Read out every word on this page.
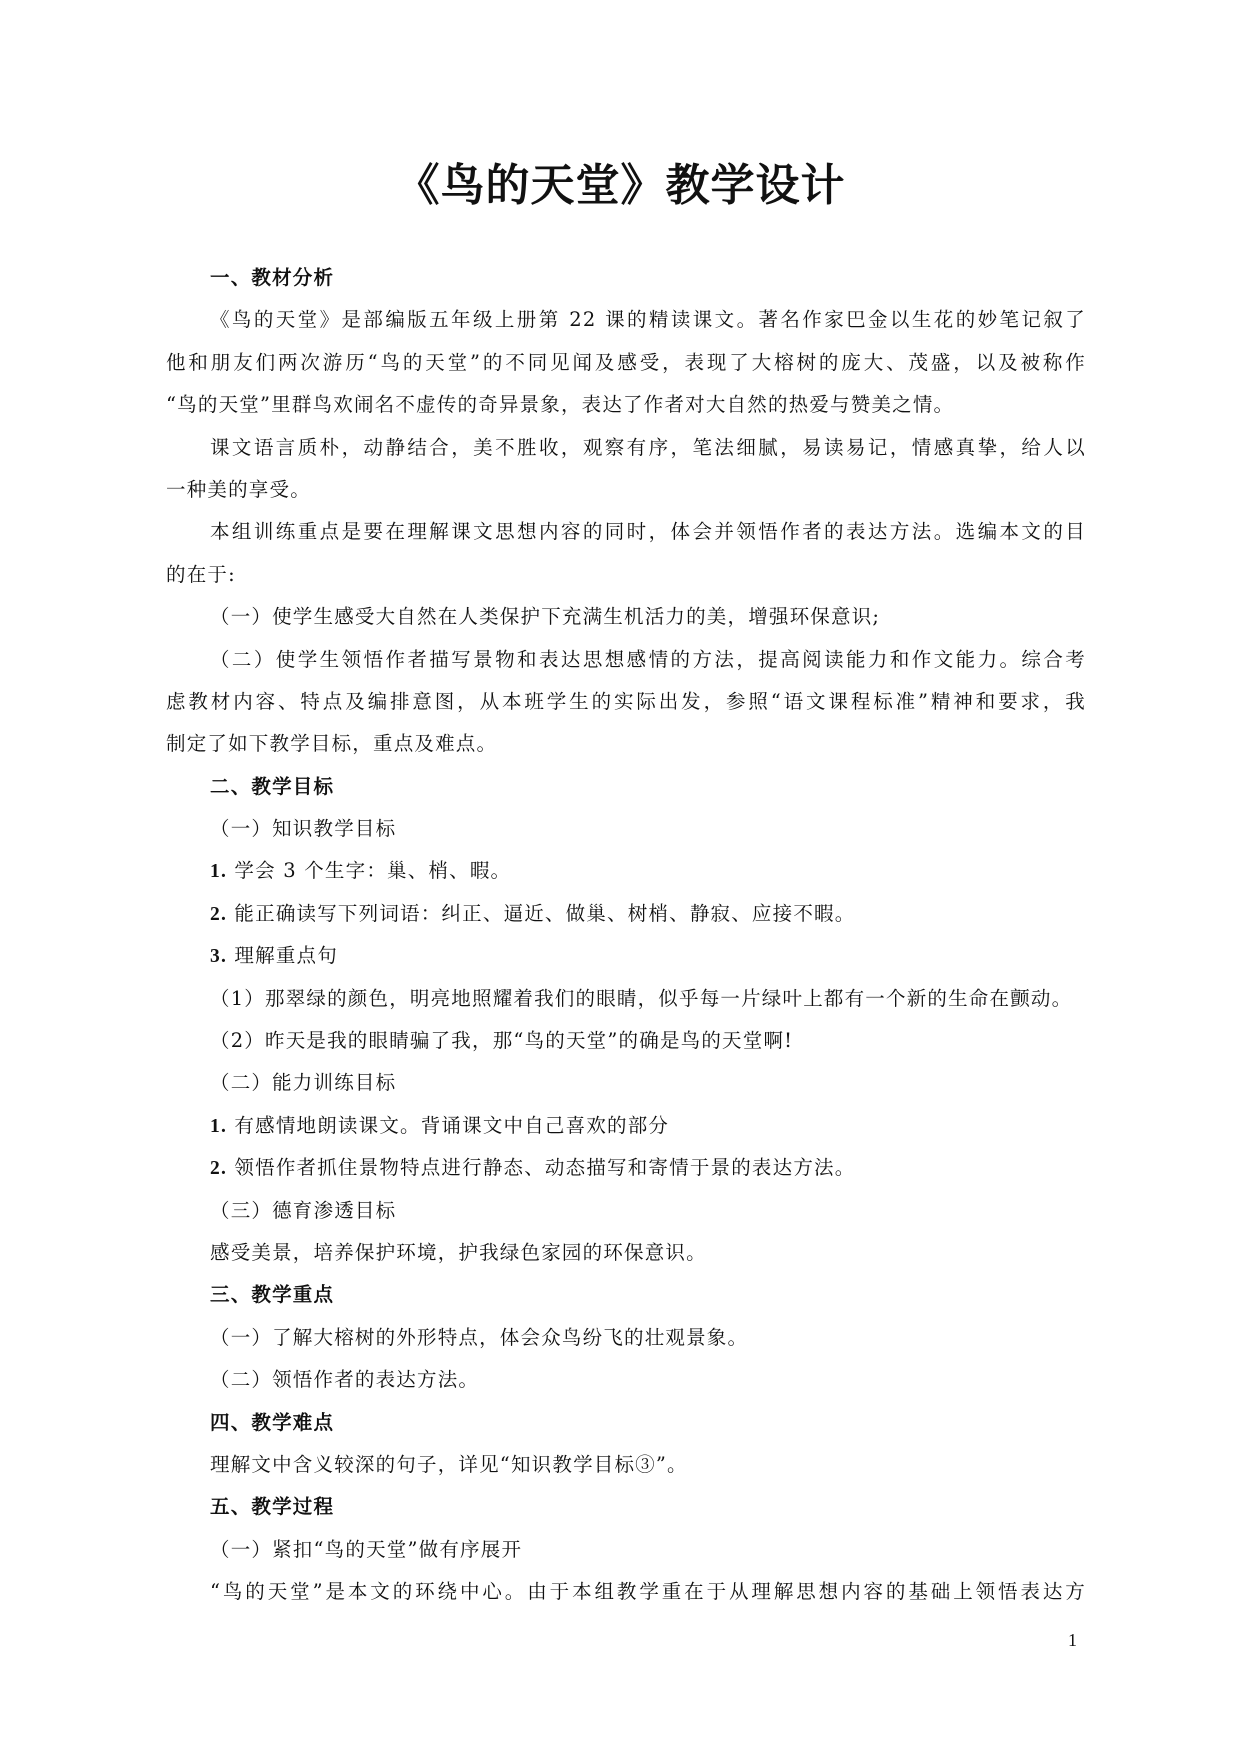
《鸟的天堂》教学设计
一、教材分析
《鸟的天堂》是部编版五年级上册第 22 课的精读课文。著名作家巴金以生花的妙笔记叙了
他和朋友们两次游历“鸟的天堂”的不同见闻及感受，表现了大榕树的庞大、茂盛，以及被称作
“鸟的天堂”里群鸟欢闹名不虚传的奇异景象，表达了作者对大自然的热爱与赞美之情。
课文语言质朴，动静结合，美不胜收，观察有序，笔法细腻，易读易记，情感真挚，给人以
一种美的享受。
本组训练重点是要在理解课文思想内容的同时，体会并领悟作者的表达方法。选编本文的目
的在于:
（一）使学生感受大自然在人类保护下充满生机活力的美，增强环保意识;
（二）使学生领悟作者描写景物和表达思想感情的方法，提高阅读能力和作文能力。综合考
虑教材内容、特点及编排意图，从本班学生的实际出发，参照“语文课程标准”精神和要求，我
制定了如下教学目标，重点及难点。
二、教学目标
（一）知识教学目标
1. 学会 3 个生字：巢、梢、暇。
2. 能正确读写下列词语：纠正、逼近、做巢、树梢、静寂、应接不暇。
3. 理解重点句
（1）那翠绿的颜色，明亮地照耀着我们的眼睛，似乎每一片绿叶上都有一个新的生命在颤动。
（2）昨天是我的眼睛骗了我，那“鸟的天堂”的确是鸟的天堂啊!
（二）能力训练目标
1. 有感情地朗读课文。背诵课文中自己喜欢的部分
2. 领悟作者抓住景物特点进行静态、动态描写和寄情于景的表达方法。
（三）德育渗透目标
感受美景，培养保护环境，护我绿色家园的环保意识。
三、教学重点
（一）了解大榕树的外形特点，体会众鸟纷飞的壮观景象。
（二）领悟作者的表达方法。
四、教学难点
理解文中含义较深的句子，详见“知识教学目标③”。
五、教学过程
（一）紧扣“鸟的天堂”做有序展开
“鸟的天堂”是本文的环绕中心。由于本组教学重在于从理解思想内容的基础上领悟表达方
1
